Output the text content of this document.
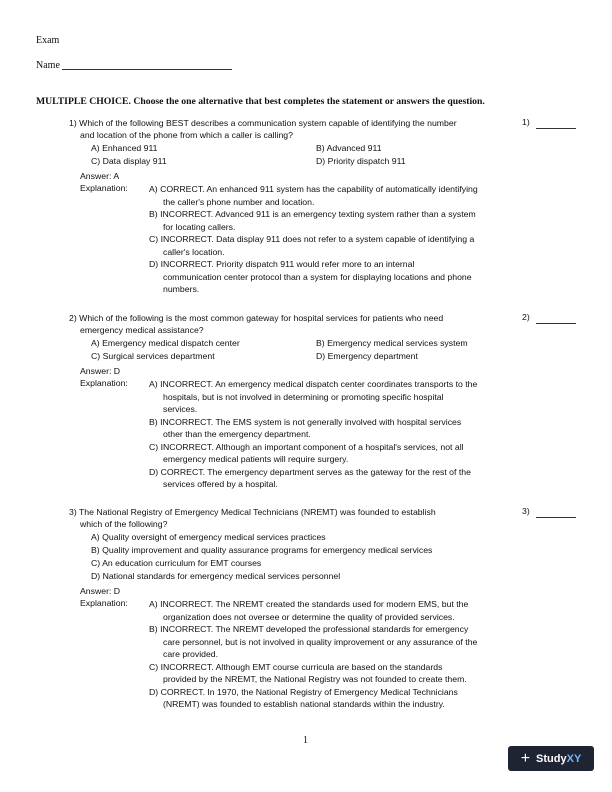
Exam
Name
MULTIPLE CHOICE. Choose the one alternative that best completes the statement or answers the question.
1) Which of the following BEST describes a communication system capable of identifying the number
and location of the phone from which a caller is calling?
1)
A) Enhanced 911	B) Advanced 911
C) Data display 911	D) Priority dispatch 911
Answer: A
Explanation: A) CORRECT. An enhanced 911 system has the capability of automatically identifying
the caller's phone number and location.
B) INCORRECT. Advanced 911 is an emergency texting system rather than a system
for locating callers.
C) INCORRECT. Data display 911 does not refer to a system capable of identifying a
caller's location.
D) INCORRECT. Priority dispatch 911 would refer more to an internal
communication center protocol than a system for displaying locations and phone
numbers.
2) Which of the following is the most common gateway for hospital services for patients who need
emergency medical assistance?
2)
A) Emergency medical dispatch center	B) Emergency medical services system
C) Surgical services department	D) Emergency department
Answer: D
Explanation: A) INCORRECT. An emergency medical dispatch center coordinates transports to the
hospitals, but is not involved in determining or promoting specific hospital
services.
B) INCORRECT. The EMS system is not generally involved with hospital services
other than the emergency department.
C) INCORRECT. Although an important component of a hospital's services, not all
emergency medical patients will require surgery.
D) CORRECT. The emergency department serves as the gateway for the rest of the
services offered by a hospital.
3) The National Registry of Emergency Medical Technicians (NREMT) was founded to establish
which of the following?
3)
A) Quality oversight of emergency medical services practices
B) Quality improvement and quality assurance programs for emergency medical services
C) An education curriculum for EMT courses
D) National standards for emergency medical services personnel
Answer: D
Explanation: A) INCORRECT. The NREMT created the standards used for modern EMS, but the
organization does not oversee or determine the quality of provided services.
B) INCORRECT. The NREMT developed the professional standards for emergency
care personnel, but is not involved in quality improvement or any assurance of the
care provided.
C) INCORRECT. Although EMT course curricula are based on the standards
provided by the NREMT, the National Registry was not founded to create them.
D) CORRECT. In 1970, the National Registry of Emergency Medical Technicians
(NREMT) was founded to establish national standards within the industry.
1
+ Study XY
